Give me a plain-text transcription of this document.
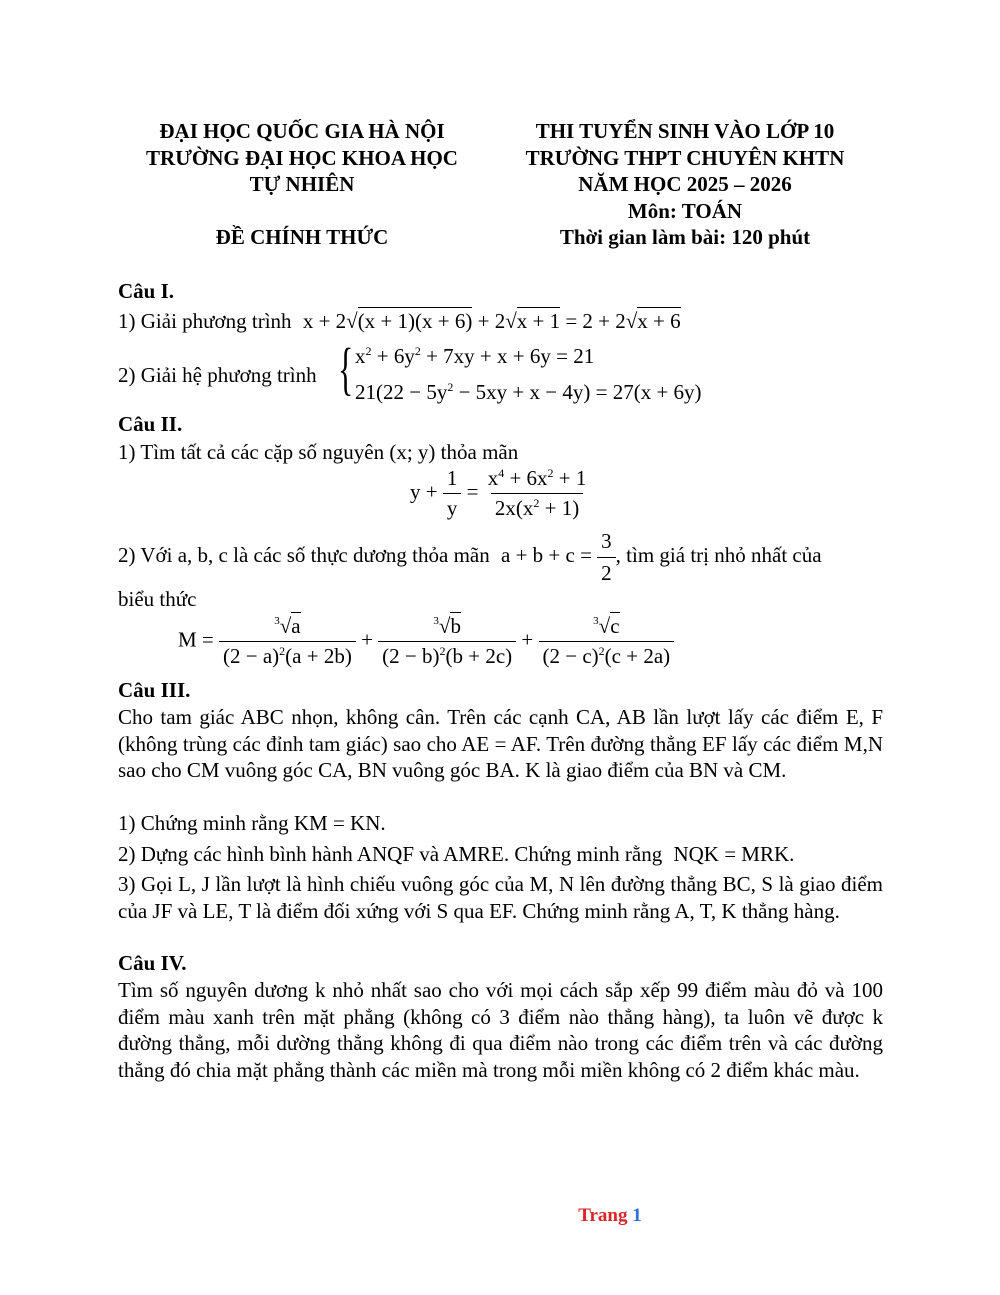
ĐẠI HỌC QUỐC GIA HÀ NỘI
TRƯỜNG ĐẠI HỌC KHOA HỌC
TỰ NHIÊN
ĐỀ CHÍNH THỨC
THI TUYỂN SINH VÀO LỚP 10
TRƯỜNG THPT CHUYÊN KHTN
NĂM HỌC 2025 – 2026
Môn: TOÁN
Thời gian làm bài: 120 phút
Câu I.
1) Giải phương trình x + 2√(x + 1)(x + 6) + 2√x + 1 = 2 + 2√x + 6
2) Giải hệ phương trình { $x^2 + 6y^2 + 7xy + x + 6y = 21$
$21(22 - 5y^2 - 5xy + x - 4y) = 27(x + 6y)$
Câu II.
1) Tìm tất cả các cặp số nguyên (x; y) thỏa mãn
$y + \frac{1}{y} = \frac{x^4 + 6x^2 + 1}{2x(x^2 + 1)}$
2) Với a, b, c là các số thực dương thỏa mãn $a + b + c = \frac{3}{2}$ , tìm giá trị nhỏ nhất của
biểu thức
$M = \frac{^3√a}{(2 - a)^2(a + 2b)} + \frac{^3√b}{(2 - b)^2(b + 2c)} + \frac{^3√c}{(2 - c)^2(c + 2a)}$
Câu III.
Cho tam giác ABC nhọn, không cân. Trên các cạnh CA, AB lần lượt lấy các điểm E, F (không trùng các đỉnh tam giác) sao cho AE = AF. Trên đường thẳng EF lấy các điểm M,N sao cho CM vuông góc CA, BN vuông góc BA. K là giao điểm của BN và CM.
1) Chứng minh rằng KM = KN.
2) Dựng các hình bình hành ANQF và AMRE. Chứng minh rằng NQK = MRK.
3) Gọi L, J lần lượt là hình chiếu vuông góc của M, N lên đường thẳng BC, S là giao điểm của JF và LE, T là điểm đối xứng với S qua EF. Chứng minh rằng A, T, K thẳng hàng.
Câu IV.
Tìm số nguyên dương k nhỏ nhất sao cho với mọi cách sắp xếp 99 điểm màu đỏ và 100 điểm màu xanh trên mặt phẳng (không có 3 điểm nào thẳng hàng), ta luôn vẽ được k đường thẳng, mỗi dường thẳng không đi qua điểm nào trong các điểm trên và các đường thẳng đó chia mặt phẳng thành các miền mà trong mỗi miền không có 2 điểm khác màu.
Trang 1
